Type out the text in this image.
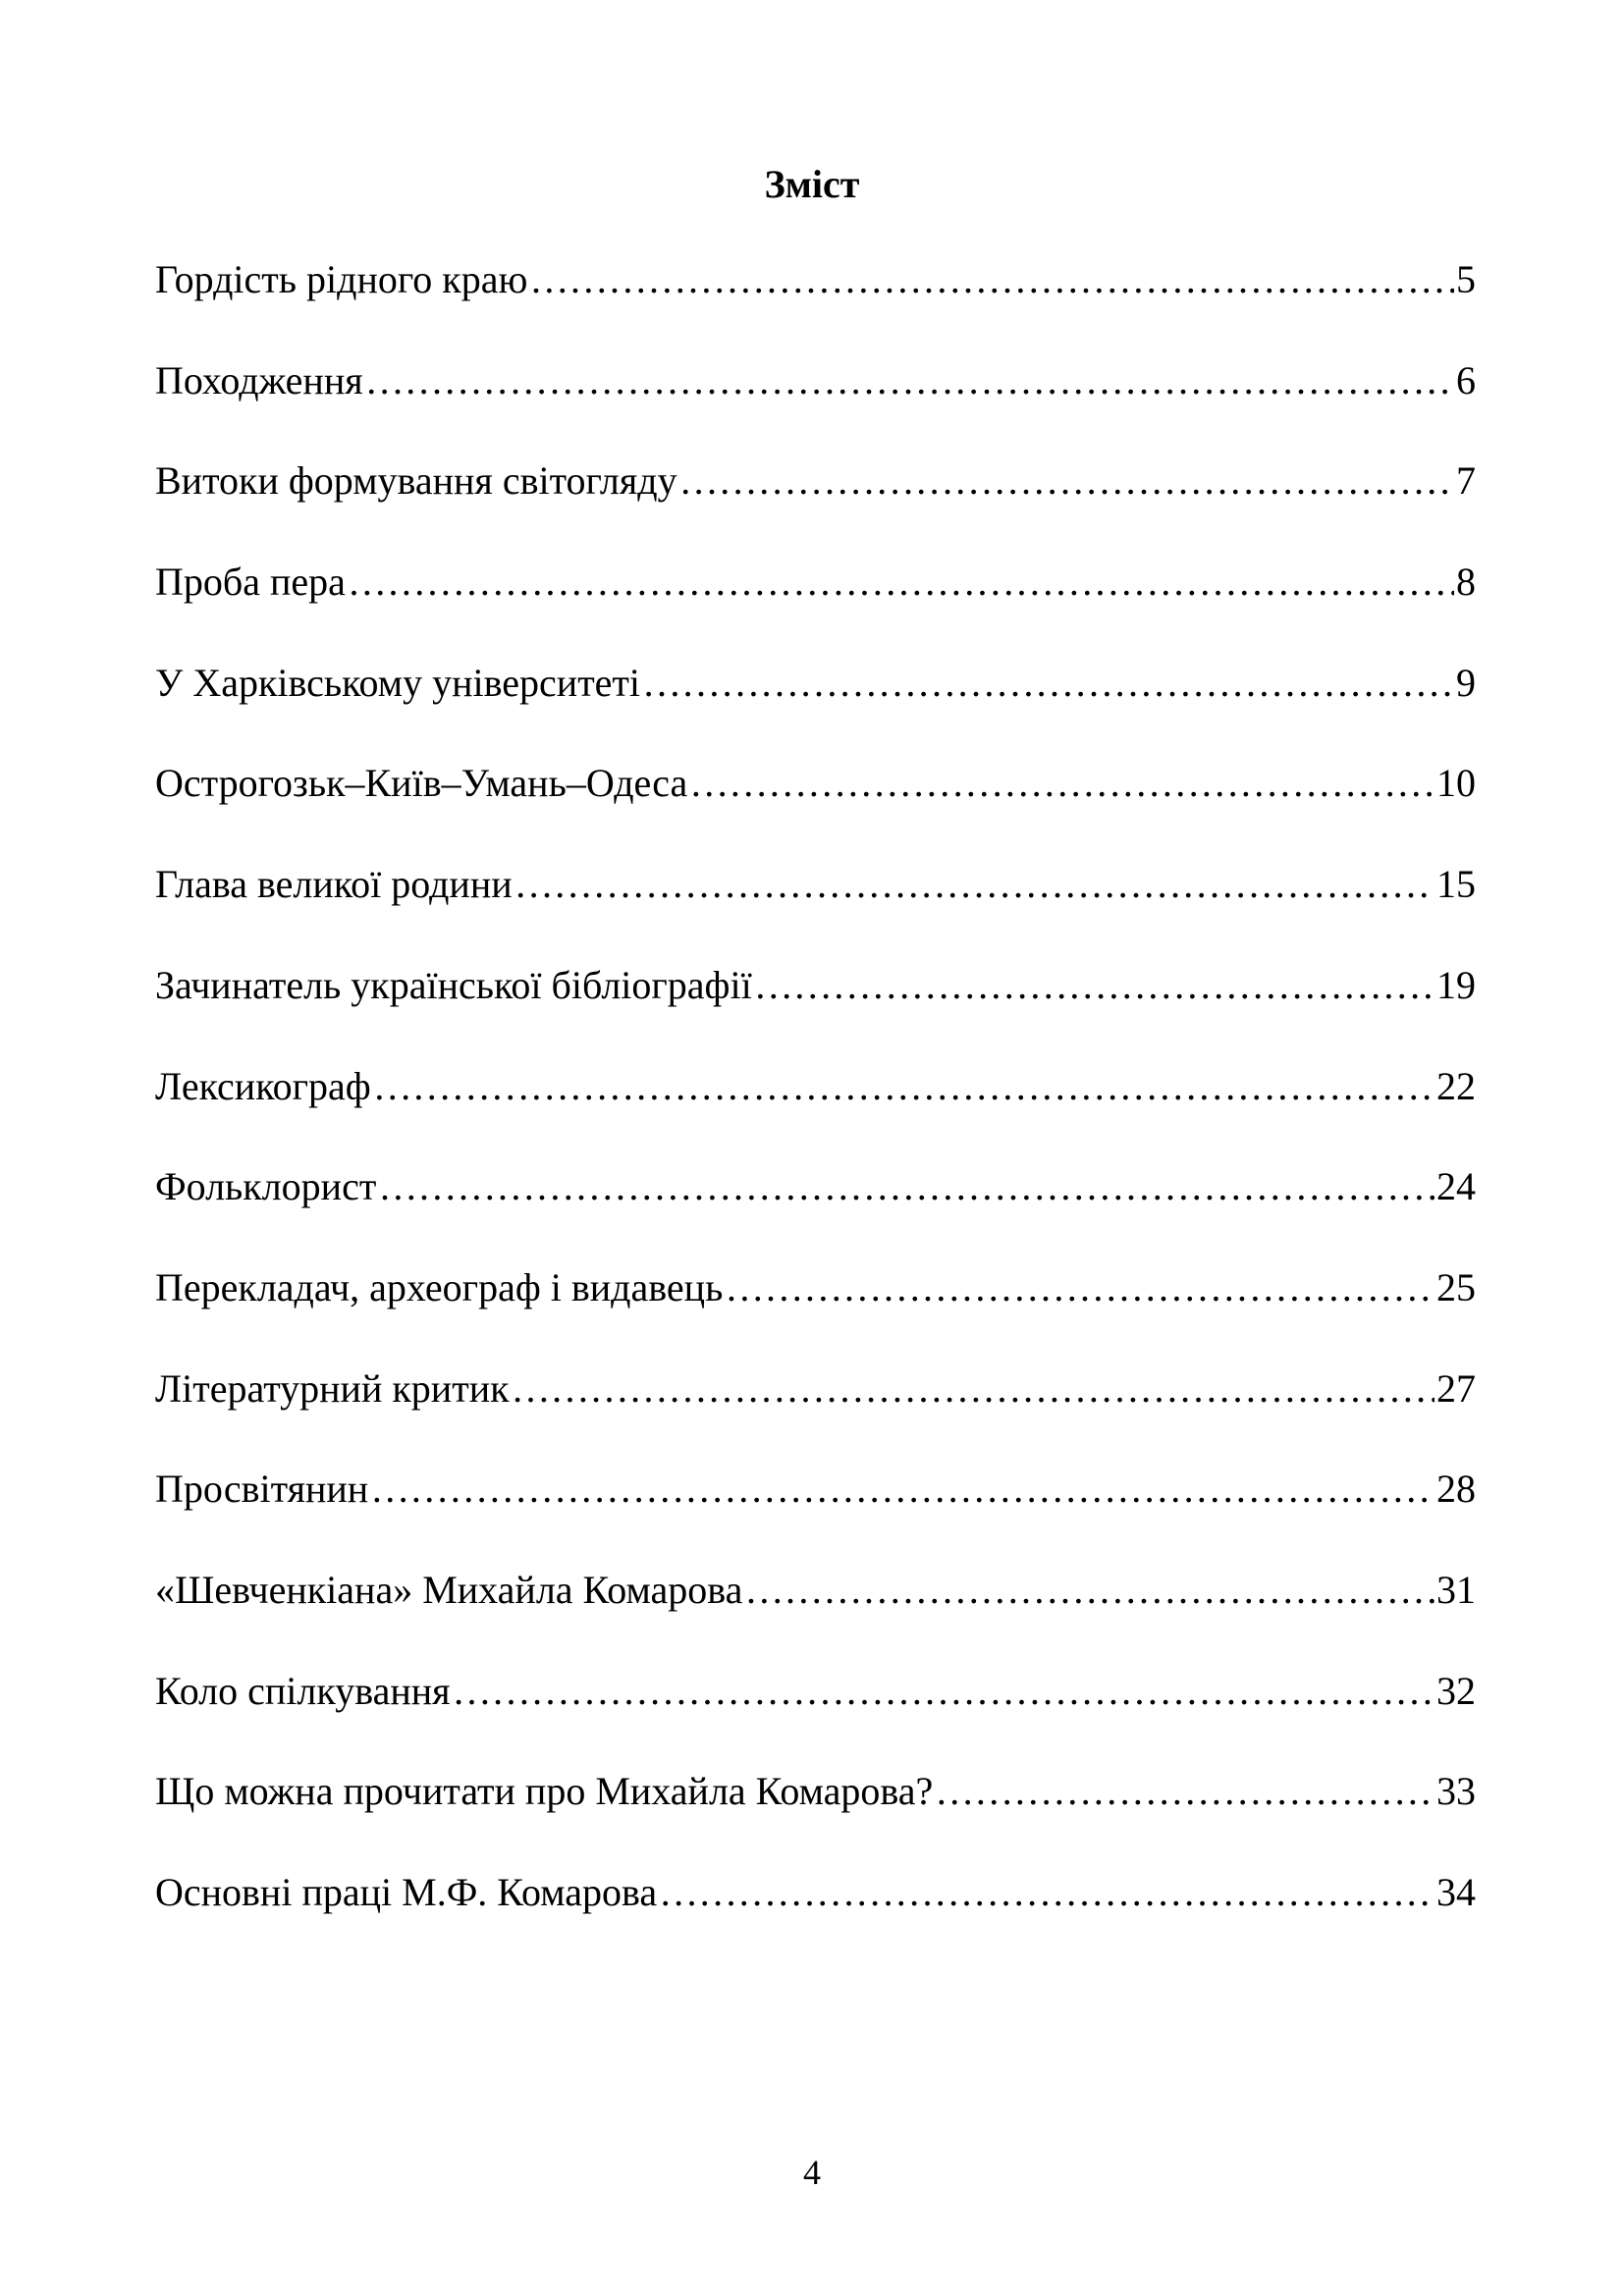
Зміст
Гордість рідного краю ………………………………………………………………………………………………………………………………………………………………………………………………	5
Походження ………………………………………………………………………………………………………………………………………………………………………………………………	6
Витоки формування світогляду ………………………………………………………………………………………………………………………………………………………………………………………………	7
Проба пера ………………………………………………………………………………………………………………………………………………………………………………………………	8
У Харківському університеті ………………………………………………………………………………………………………………………………………………………………………………………………	9
Острогозьк–Київ–Умань–Одеса ………………………………………………………………………………………………………………………………………………………………………………………………	10
Глава великої родини ………………………………………………………………………………………………………………………………………………………………………………………………	15
Зачинатель української бібліографії ………………………………………………………………………………………………………………………………………………………………………………………………	19
Лексикограф ………………………………………………………………………………………………………………………………………………………………………………………………	22
Фольклорист ………………………………………………………………………………………………………………………………………………………………………………………………	24
Перекладач, археограф і видавець ………………………………………………………………………………………………………………………………………………………………………………………………	25
Літературний критик ………………………………………………………………………………………………………………………………………………………………………………………………	27
Просвітянин ………………………………………………………………………………………………………………………………………………………………………………………………	28
«Шевченкіана» Михайла Комарова ………………………………………………………………………………………………………………………………………………………………………………………………	31
Коло спілкування ………………………………………………………………………………………………………………………………………………………………………………………………	32
Що можна прочитати про Михайла Комарова? ………………………………………………………………………………………………………………………………………………………………………………………………	33
Основні праці М.Ф. Комарова ………………………………………………………………………………………………………………………………………………………………………………………………	34
4
